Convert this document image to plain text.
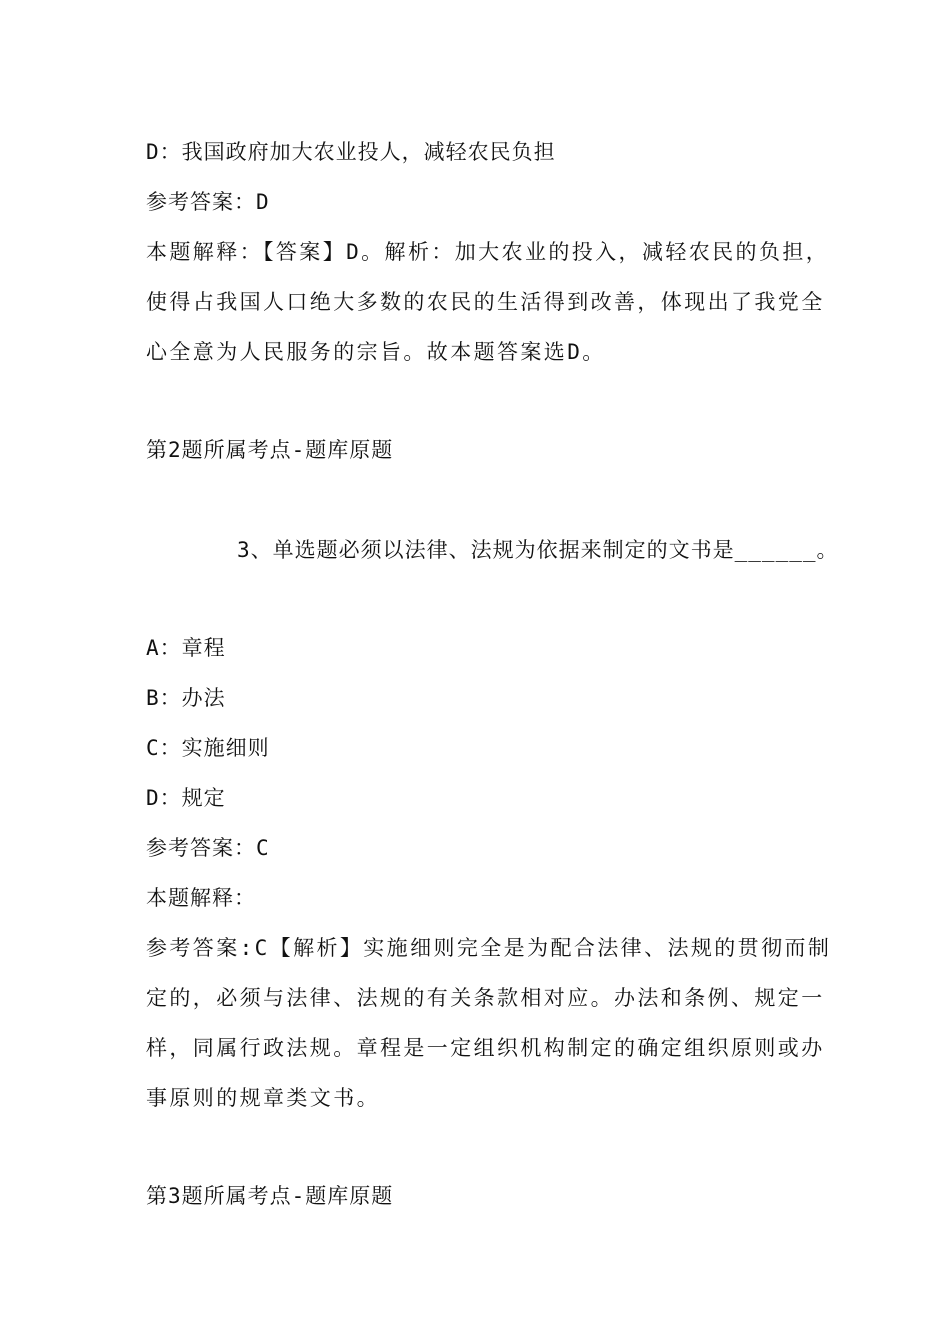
D：我国政府加大农业投人，减轻农民负担
参考答案：D
本题解释：【答案】D。解析：加大农业的投入，减轻农民的负担，
使得占我国人口绝大多数的农民的生活得到改善，体现出了我党全
心全意为人民服务的宗旨。故本题答案选D。
第2题所属考点-题库原题
3、单选题必须以法律、法规为依据来制定的文书是______。
A：章程
B：办法
C：实施细则
D：规定
参考答案：C
本题解释：
参考答案:C【解析】实施细则完全是为配合法律、法规的贯彻而制
定的，必须与法律、法规的有关条款相对应。办法和条例、规定一
样，同属行政法规。章程是一定组织机构制定的确定组织原则或办
事原则的规章类文书。
第3题所属考点-题库原题
